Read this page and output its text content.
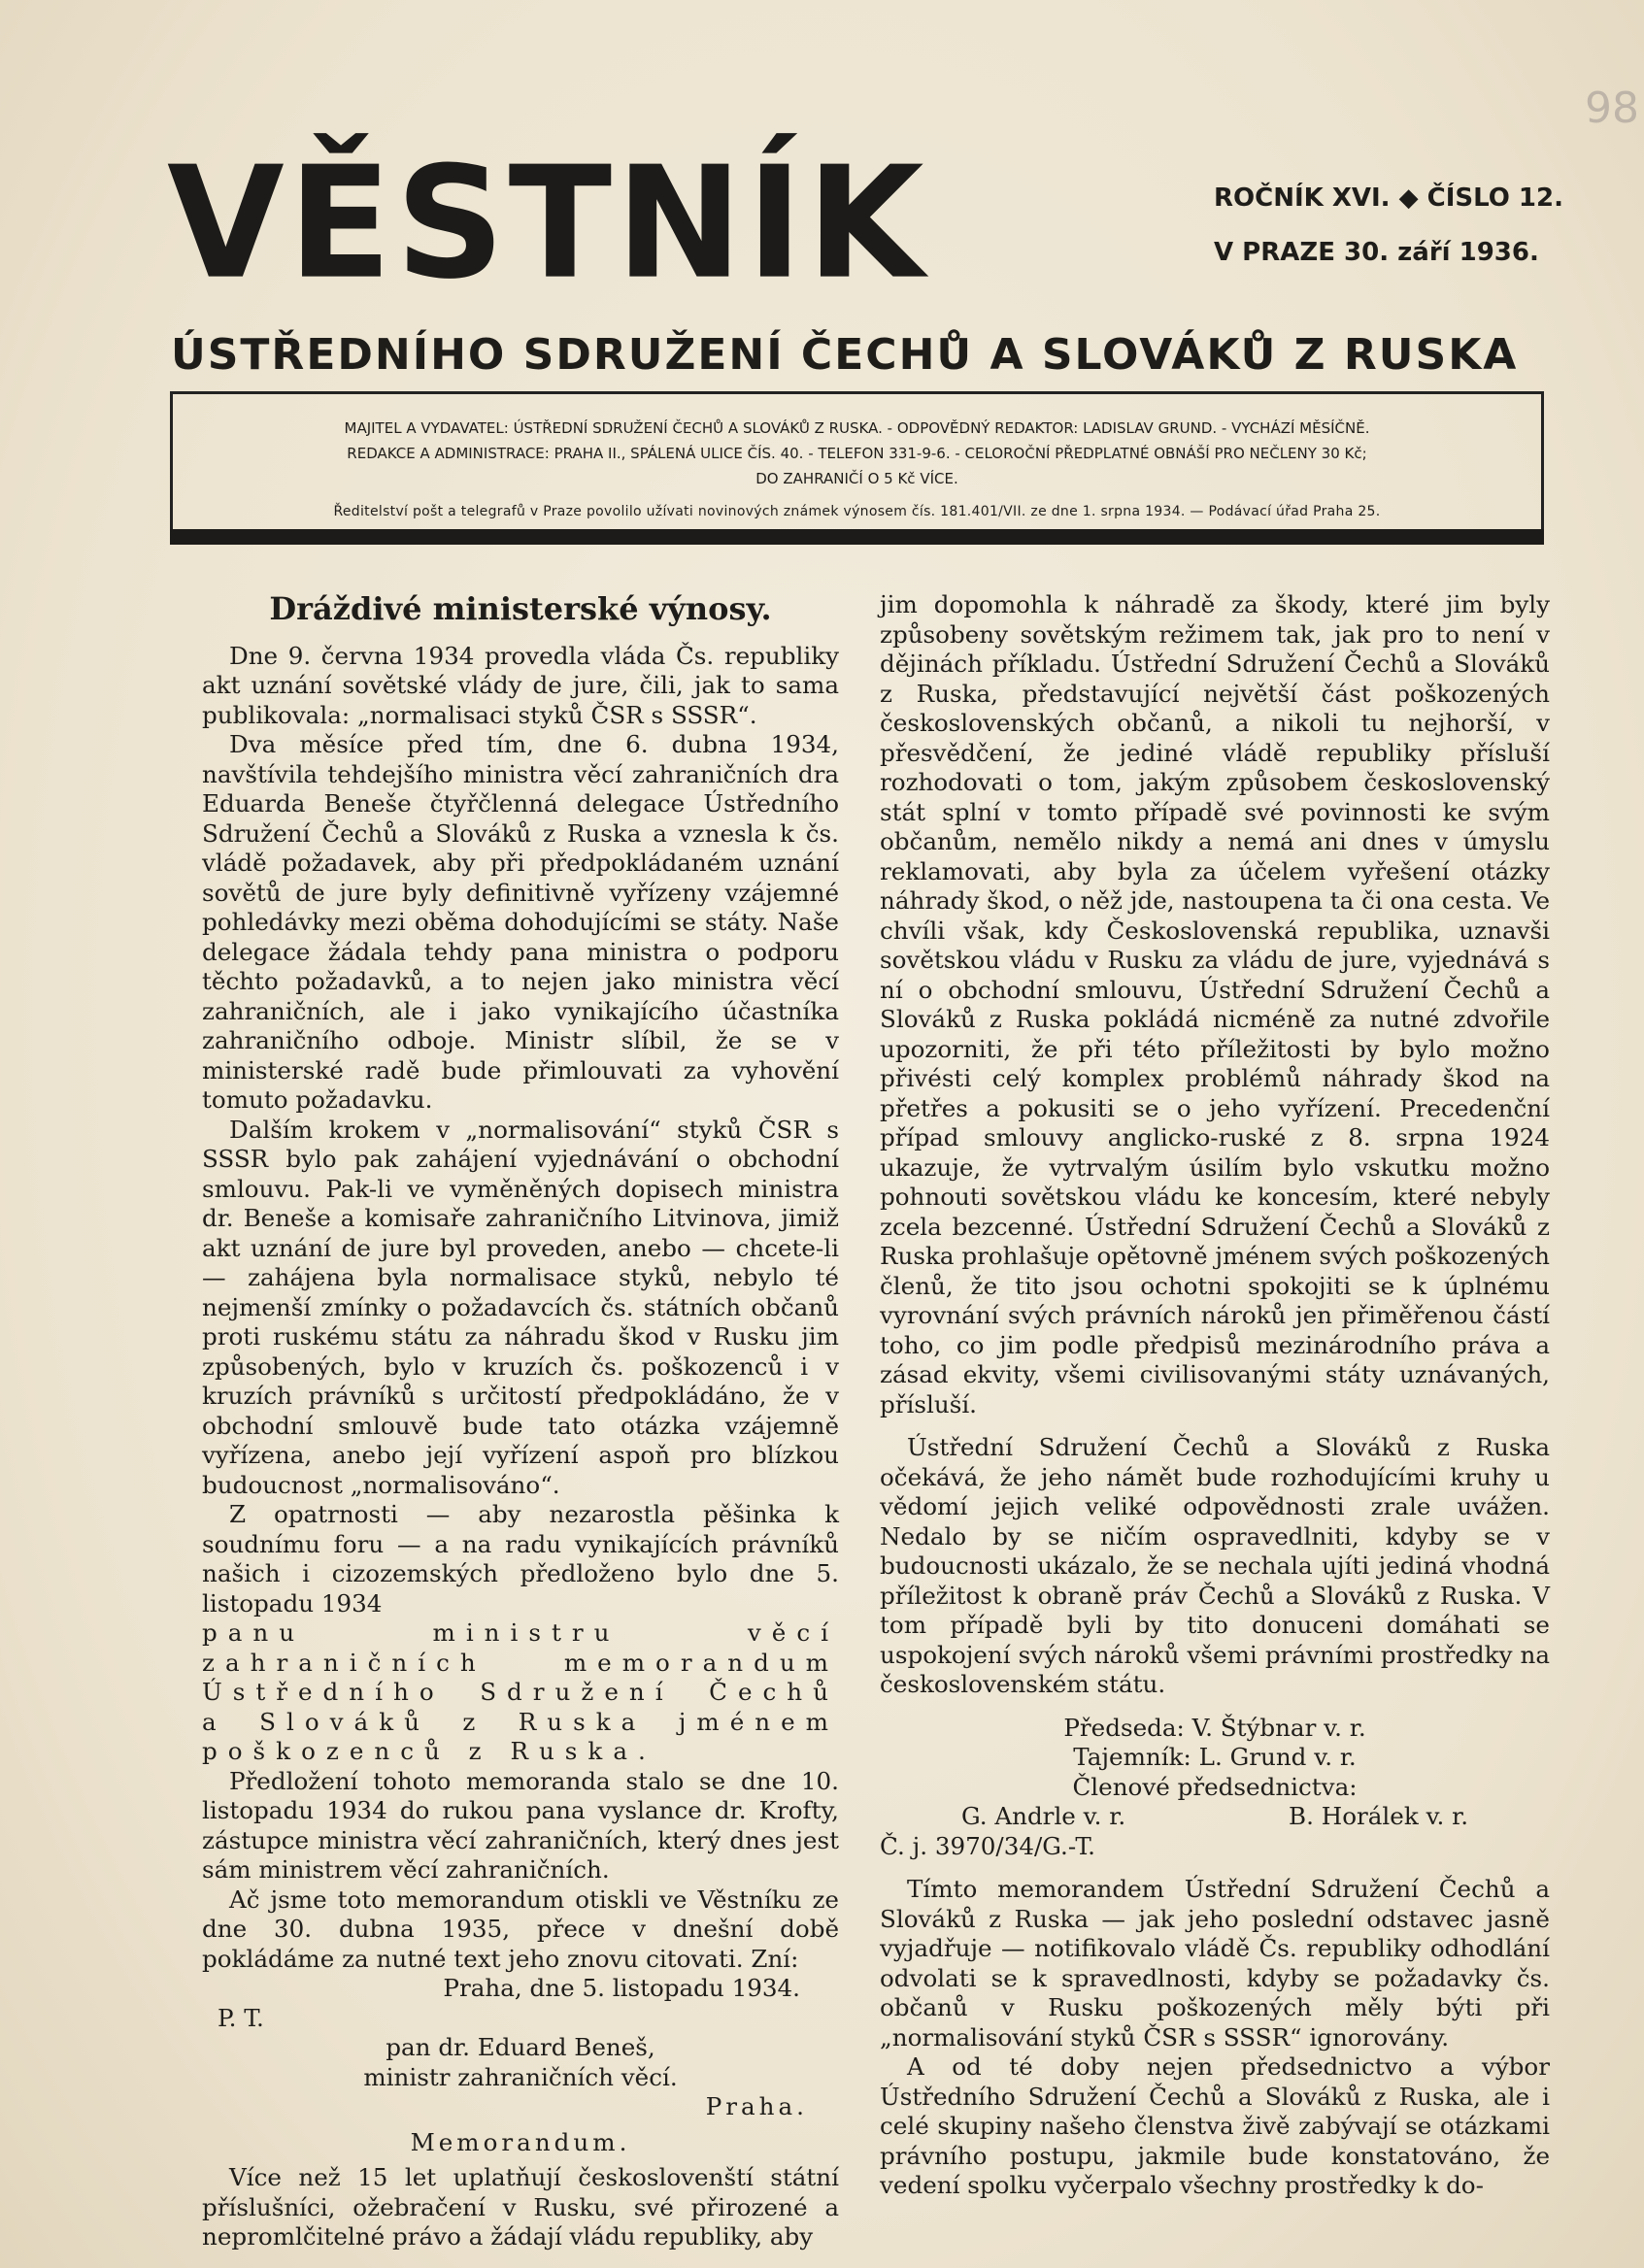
98
VĚSTNÍK	ROČNÍK XVI. ◆ ČÍSLO 12.
V PRAZE 30. září 1936.
ÚSTŘEDNÍHO SDRUŽENÍ ČECHŮ A SLOVÁKŮ Z RUSKA
MAJITEL A VYDAVATEL: ÚSTŘEDNÍ SDRUŽENÍ ČECHŮ A SLOVÁKŮ Z RUSKA. - ODPOVĚDNÝ REDAKTOR: LADISLAV GRUND. - VYCHÁZÍ MĚSÍČNĚ.
REDAKCE A ADMINISTRACE: PRAHA II., SPÁLENÁ ULICE ČÍS. 40. - TELEFON 331-9-6. - CELOROČNÍ PŘEDPLATNÉ OBNÁŠÍ PRO NEČLENY 30 Kč;
DO ZAHRANIČÍ O 5 Kč VÍCE.
Ředitelství pošt a telegrafů v Praze povolilo užívati novinových známek výnosem čís. 181.401/VII. ze dne 1. srpna 1934. — Podávací úřad Praha 25.

Dráždivé ministerské výnosy.

Dne 9. června 1934 provedla vláda Čs. republiky akt uznání sovětské vlády de jure, čili, jak to sama publikovala: „normalisaci styků ČSR s SSSR“.

Dva měsíce před tím, dne 6. dubna 1934, navštívila tehdejšího ministra věcí zahraničních dra Eduarda Beneše čtyřčlenná delegace Ústředního Sdružení Čechů a Slováků z Ruska a vznesla k čs. vládě požadavek, aby při předpokládaném uznání sovětů de jure byly definitivně vyřízeny vzájemné pohledávky mezi oběma dohodujícími se státy. Naše delegace žádala tehdy pana ministra o podporu těchto požadavků, a to nejen jako ministra věcí zahraničních, ale i jako vynikajícího účastníka zahraničního odboje. Ministr slíbil, že se v ministerské radě bude přimlouvati za vyhovění tomuto požadavku.

Dalším krokem v „normalisování“ styků ČSR s SSSR bylo pak zahájení vyjednávání o obchodní smlouvu. Pak-li ve vyměněných dopisech ministra dr. Beneše a komisaře zahraničního Litvinova, jimiž akt uznání de jure byl proveden, anebo — chcete-li — zahájena byla normalisace styků, nebylo té nejmenší zmínky o požadavcích čs. státních občanů proti ruskému státu za náhradu škod v Rusku jim způsobených, bylo v kruzích čs. poškozenců i v kruzích právníků s určitostí předpokládáno, že v obchodní smlouvě bude tato otázka vzájemně vyřízena, anebo její vyřízení aspoň pro blízkou budoucnost „normalisováno“.

Z opatrnosti — aby nezarostla pěšinka k soudnímu foru — a na radu vynikajících právníků našich i cizozemských předloženo bylo dne 5. listopadu 1934

panu ministru věcí zahraničních memorandum Ústředního Sdružení Čechů a Slováků z Ruska jménem poškozenců z Ruska.

Předložení tohoto memoranda stalo se dne 10. listopadu 1934 do rukou pana vyslance dr. Krofty, zástupce ministra věcí zahraničních, který dnes jest sám ministrem věcí zahraničních.

Ač jsme toto memorandum otiskli ve Věstníku ze dne 30. dubna 1935, přece v dnešní době pokládáme za nutné text jeho znovu citovati. Zní:

Praha, dne 5. listopadu 1934.

P. T.

pan dr. Eduard Beneš,

ministr zahraničních věcí.

Praha.

Memorandum.

Více než 15 let uplatňují českoslovenští státní příslušníci, ožebračení v Rusku, své přirozené a nepromlčitelné právo a žádají vládu republiky, aby

jim dopomohla k náhradě za škody, které jim byly způsobeny sovětským režimem tak, jak pro to není v dějinách příkladu. Ústřední Sdružení Čechů a Slováků z Ruska, představující největší část poškozených československých občanů, a nikoli tu nejhorší, v přesvědčení, že jediné vládě republiky přísluší rozhodovati o tom, jakým způsobem československý stát splní v tomto případě své povinnosti ke svým občanům, nemělo nikdy a nemá ani dnes v úmyslu reklamovati, aby byla za účelem vyřešení otázky náhrady škod, o něž jde, nastoupena ta či ona cesta. Ve chvíli však, kdy Československá republika, uznavši sovětskou vládu v Rusku za vládu de jure, vyjednává s ní o obchodní smlouvu, Ústřední Sdružení Čechů a Slováků z Ruska pokládá nicméně za nutné zdvořile upozorniti, že při této příležitosti by bylo možno přivésti celý komplex problémů náhrady škod na přetřes a pokusiti se o jeho vyřízení. Precedenční případ smlouvy anglicko-ruské z 8. srpna 1924 ukazuje, že vytrvalým úsilím bylo vskutku možno pohnouti sovětskou vládu ke koncesím, které nebyly zcela bezcenné. Ústřední Sdružení Čechů a Slováků z Ruska prohlašuje opětovně jménem svých poškozených členů, že tito jsou ochotni spokojiti se k úplnému vyrovnání svých právních nároků jen přiměřenou částí toho, co jim podle předpisů mezinárodního práva a zásad ekvity, všemi civilisovanými státy uznávaných, přísluší.

Ústřední Sdružení Čechů a Slováků z Ruska očekává, že jeho námět bude rozhodujícími kruhy u vědomí jejich veliké odpovědnosti zrale uvážen. Nedalo by se ničím ospravedlniti, kdyby se v budoucnosti ukázalo, že se nechala ujíti jediná vhodná příležitost k obraně práv Čechů a Slováků z Ruska. V tom případě byli by tito donuceni domáhati se uspokojení svých nároků všemi právními prostředky na československém státu.

Předseda: V. Štýbnar v. r.

Tajemník: L. Grund v. r.

Členové předsednictva:

G. Andrle v. r.	B. Horálek v. r.

Č. j. 3970/34/G.-T.

Tímto memorandem Ústřední Sdružení Čechů a Slováků z Ruska — jak jeho poslední odstavec jasně vyjadřuje — notifikovalo vládě Čs. republiky odhodlání odvolati se k spravedlnosti, kdyby se požadavky čs. občanů v Rusku poškozených měly býti při „normalisování styků ČSR s SSSR“ ignorovány.

A od té doby nejen předsednictvo a výbor Ústředního Sdružení Čechů a Slováků z Ruska, ale i celé skupiny našeho členstva živě zabývají se otázkami právního postupu, jakmile bude konstatováno, že vedení spolku vyčerpalo všechny prostředky k do-
